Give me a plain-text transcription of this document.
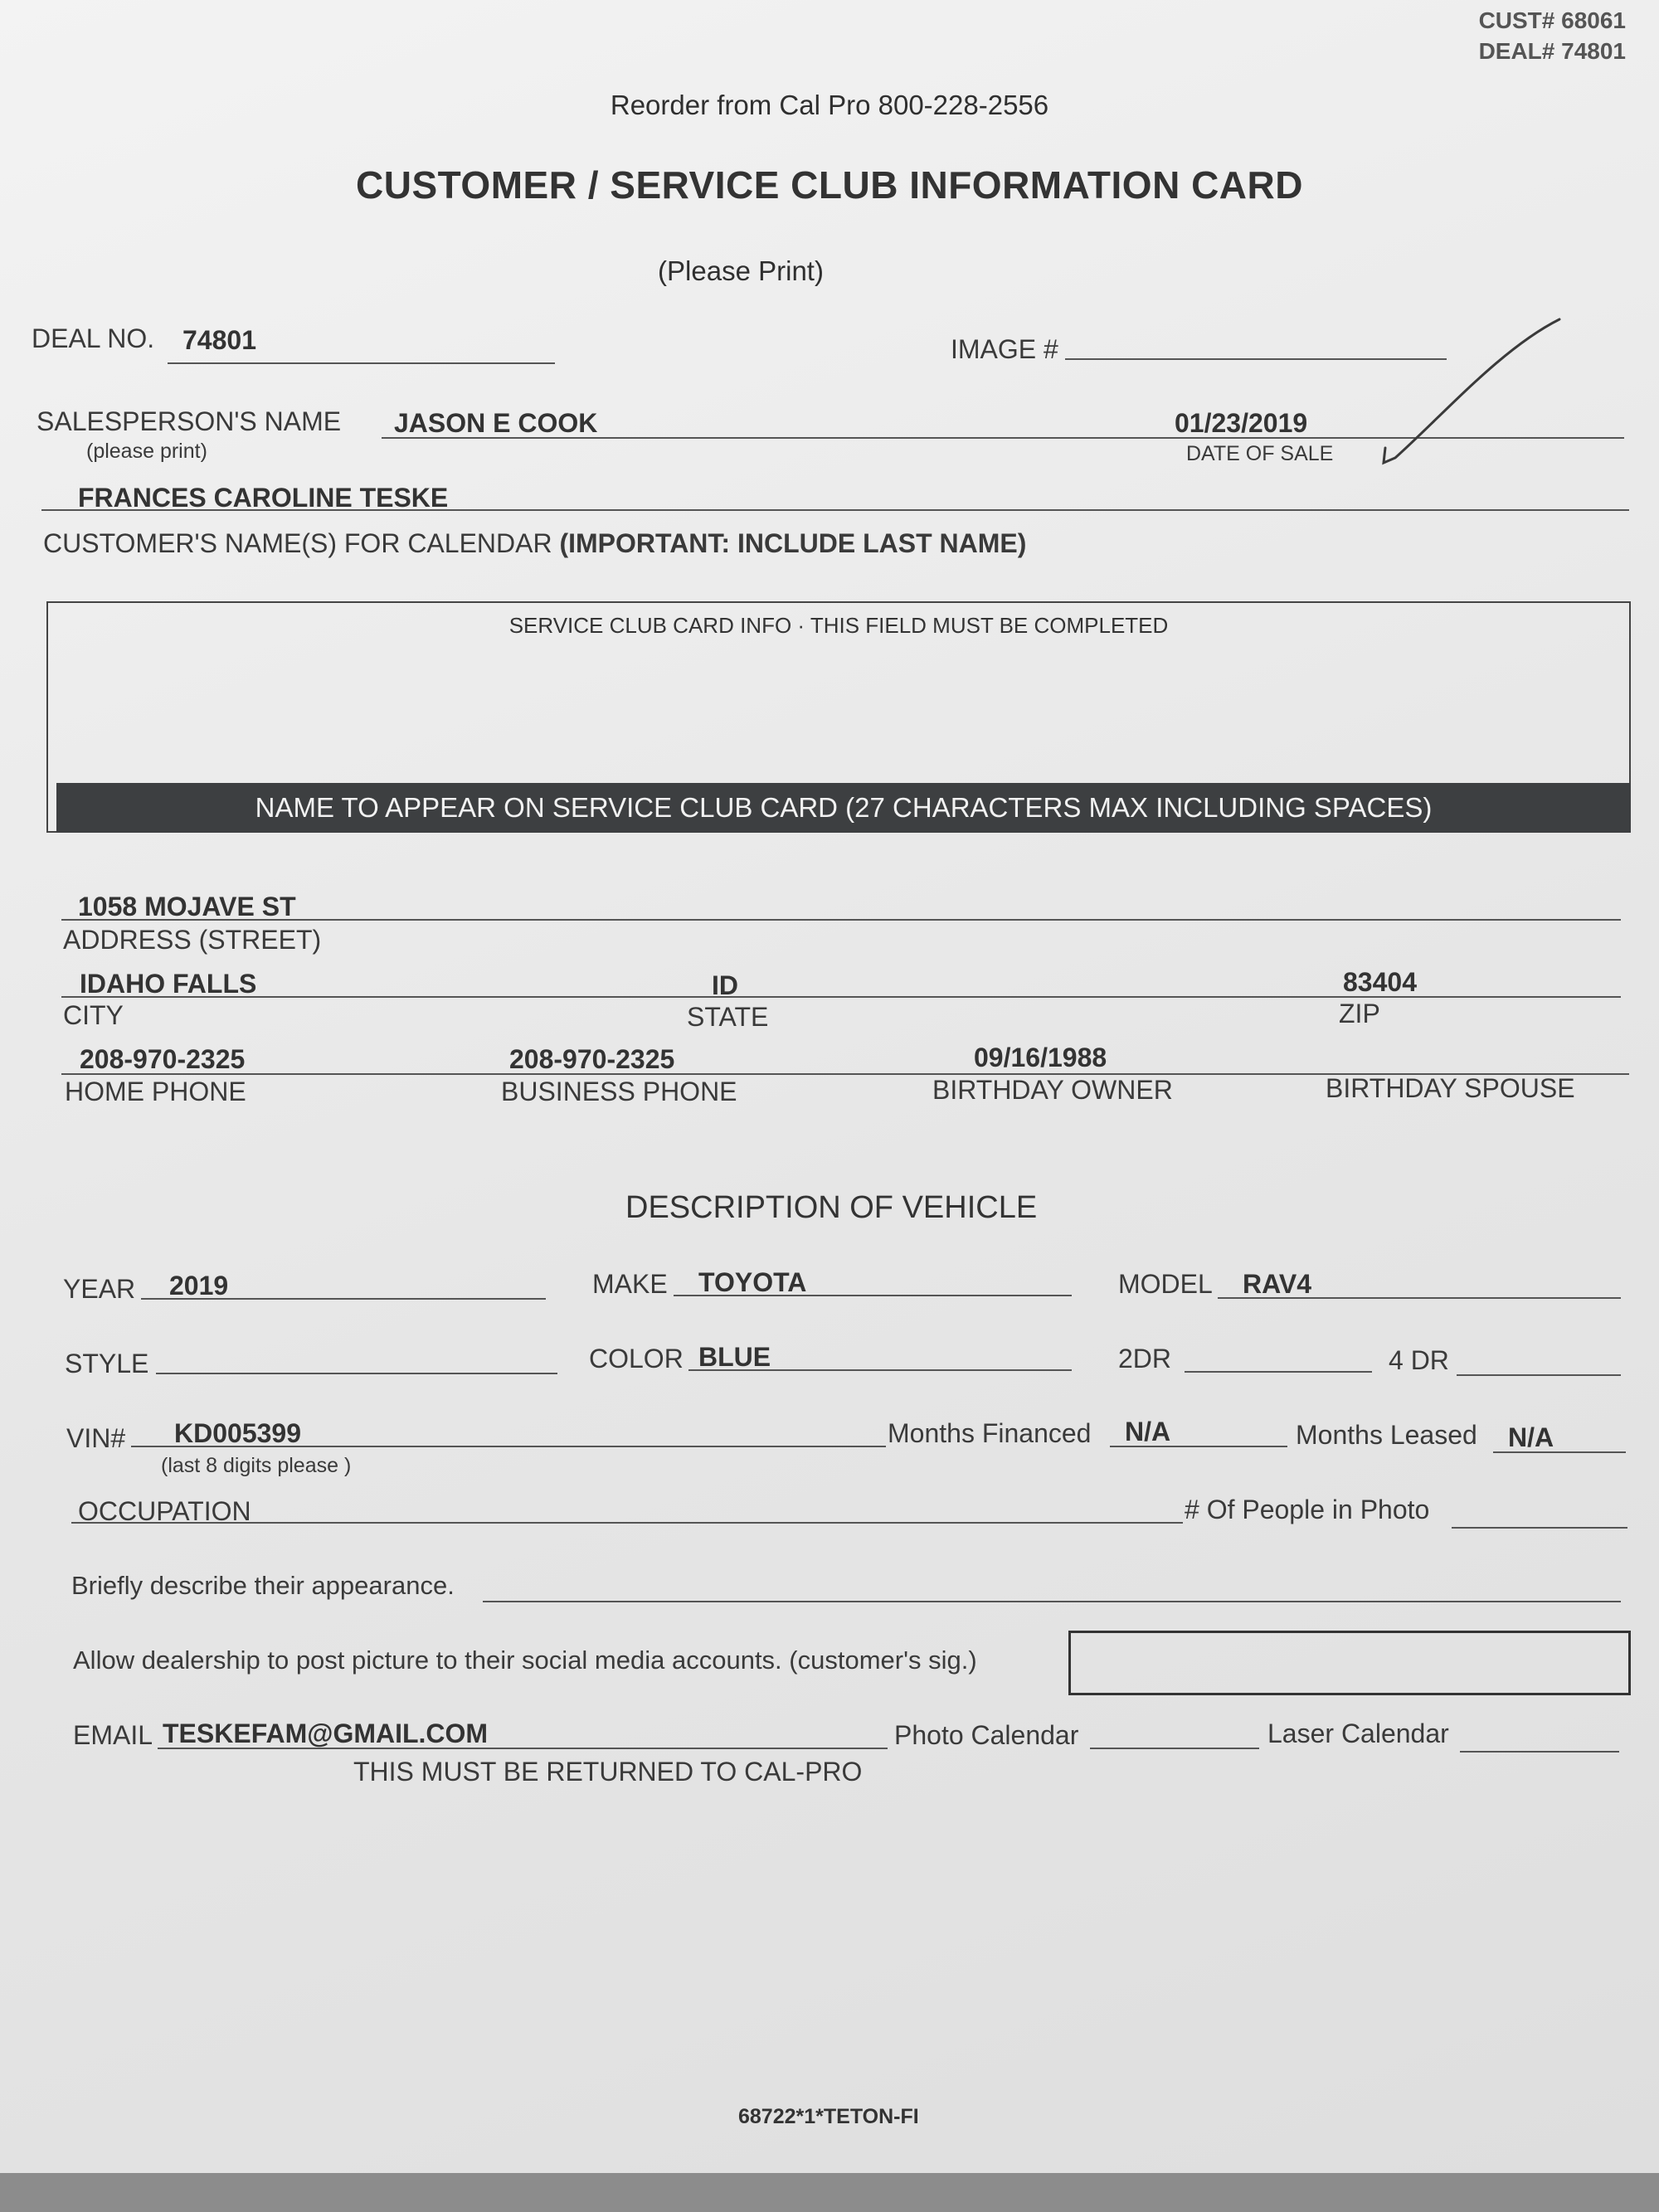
CUST# 68061
DEAL# 74801
Reorder from Cal Pro 800-228-2556
CUSTOMER / SERVICE CLUB INFORMATION CARD
(Please Print)
DEAL NO. 74801	IMAGE #
SALESPERSON'S NAME
(please print)
JASON E COOK	01/23/2019
DATE OF SALE
FRANCES CAROLINE TESKE
CUSTOMER'S NAME(S) FOR CALENDAR (IMPORTANT: INCLUDE LAST NAME)
SERVICE CLUB CARD INFO · THIS FIELD MUST BE COMPLETED
NAME TO APPEAR ON SERVICE CLUB CARD (27 CHARACTERS MAX INCLUDING SPACES)
1058 MOJAVE ST
ADDRESS (STREET)
IDAHO FALLS
CITY
ID
STATE
83404
ZIP
208-970-2325
HOME PHONE
208-970-2325
BUSINESS PHONE
09/16/1988
BIRTHDAY OWNER	BIRTHDAY SPOUSE
DESCRIPTION OF VEHICLE
YEAR 2019	MAKE TOYOTA	MODEL RAV4
STYLE	COLOR BLUE	2DR	4 DR
VIN# KD005399
(last 8 digits please )
Months Financed N/A	Months Leased N/A
OCCUPATION	# Of People in Photo
Briefly describe their appearance.
Allow dealership to post picture to their social media accounts. (customer's sig.)
EMAIL TESKEFAM@GMAIL.COM	Photo Calendar	Laser Calendar
THIS MUST BE RETURNED TO CAL-PRO
68722*1*TETON-FI
